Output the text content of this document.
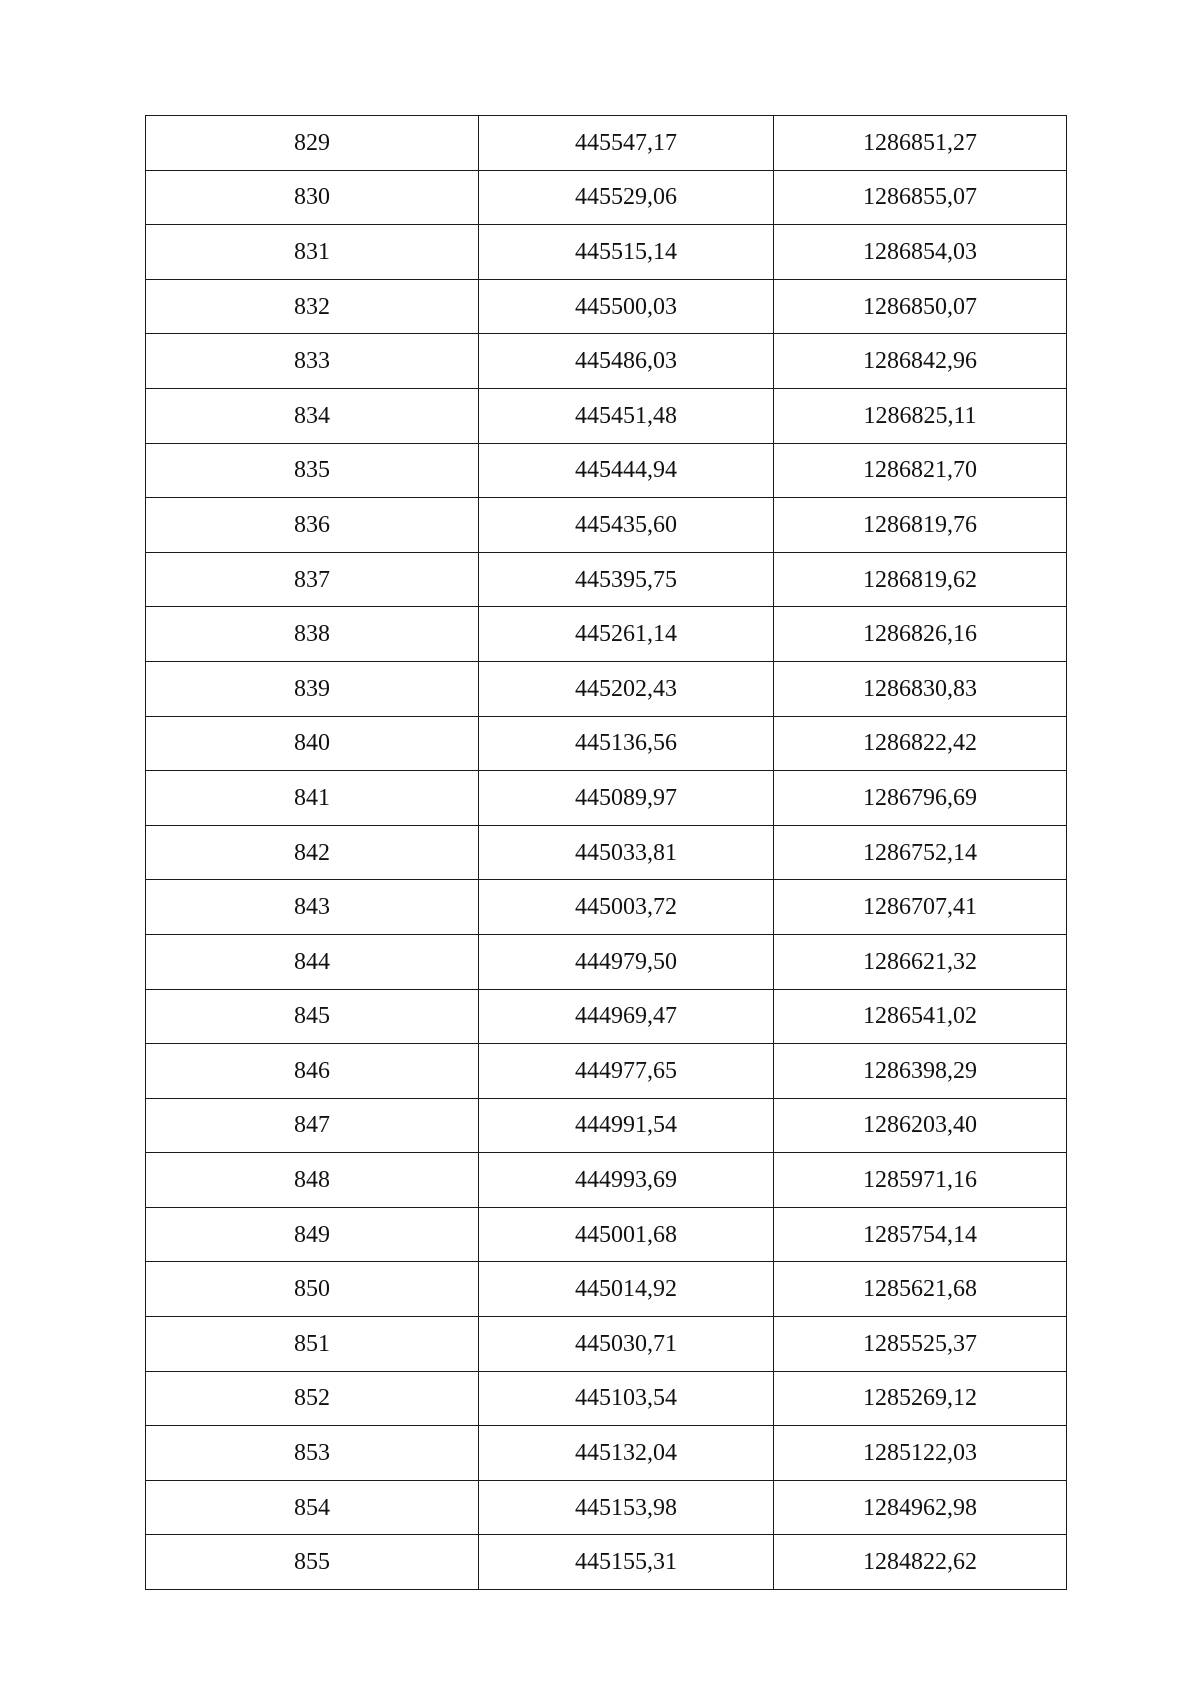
829	445547,17	1286851,27
830	445529,06	1286855,07
831	445515,14	1286854,03
832	445500,03	1286850,07
833	445486,03	1286842,96
834	445451,48	1286825,11
835	445444,94	1286821,70
836	445435,60	1286819,76
837	445395,75	1286819,62
838	445261,14	1286826,16
839	445202,43	1286830,83
840	445136,56	1286822,42
841	445089,97	1286796,69
842	445033,81	1286752,14
843	445003,72	1286707,41
844	444979,50	1286621,32
845	444969,47	1286541,02
846	444977,65	1286398,29
847	444991,54	1286203,40
848	444993,69	1285971,16
849	445001,68	1285754,14
850	445014,92	1285621,68
851	445030,71	1285525,37
852	445103,54	1285269,12
853	445132,04	1285122,03
854	445153,98	1284962,98
855	445155,31	1284822,62
